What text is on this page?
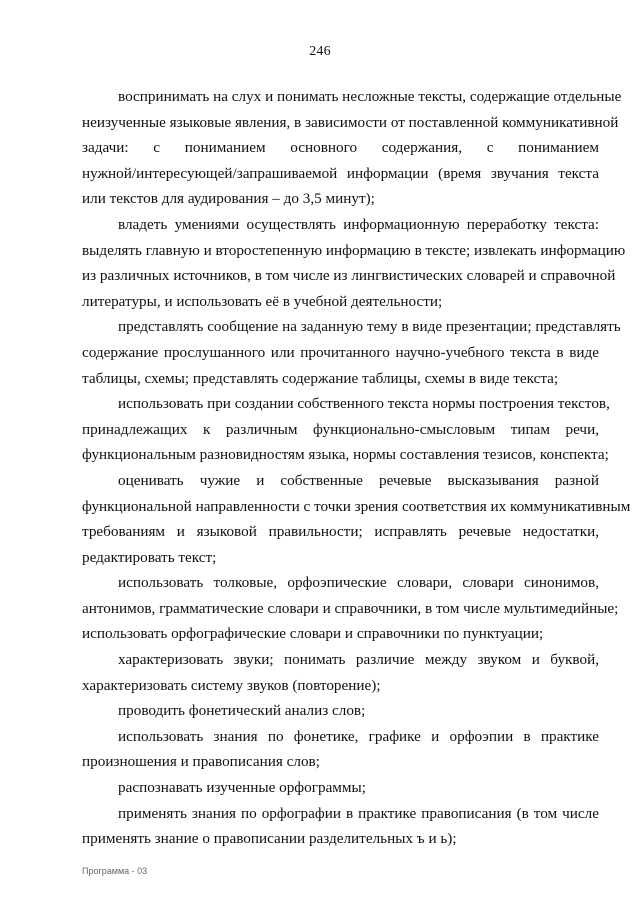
246
воспринимать на слух и понимать несложные тексты, содержащие отдельные
неизученные языковые явления, в зависимости от поставленной коммуникативной
задачи: с пониманием основного содержания, с пониманием
нужной/интересующей/запрашиваемой информации (время звучания текста
или текстов для аудирования – до 3,5 минут);
владеть умениями осуществлять информационную переработку текста:
выделять главную и второстепенную информацию в тексте; извлекать информацию
из различных источников, в том числе из лингвистических словарей и справочной
литературы, и использовать её в учебной деятельности;
представлять сообщение на заданную тему в виде презентации; представлять
содержание прослушанного или прочитанного научно-учебного текста в виде
таблицы, схемы; представлять содержание таблицы, схемы в виде текста;
использовать при создании собственного текста нормы построения текстов,
принадлежащих к различным функционально-смысловым типам речи,
функциональным разновидностям языка, нормы составления тезисов, конспекта;
оценивать чужие и собственные речевые высказывания разной
функциональной направленности с точки зрения соответствия их коммуникативным
требованиям и языковой правильности; исправлять речевые недостатки,
редактировать текст;
использовать толковые, орфоэпические словари, словари синонимов,
антонимов, грамматические словари и справочники, в том числе мультимедийные;
использовать орфографические словари и справочники по пунктуации;
характеризовать звуки; понимать различие между звуком и буквой,
характеризовать систему звуков (повторение);
проводить фонетический анализ слов;
использовать знания по фонетике, графике и орфоэпии в практике
произношения и правописания слов;
распознавать изученные орфограммы;
применять знания по орфографии в практике правописания (в том числе
применять знание о правописании разделительных ъ и ь);
Программа - 03
